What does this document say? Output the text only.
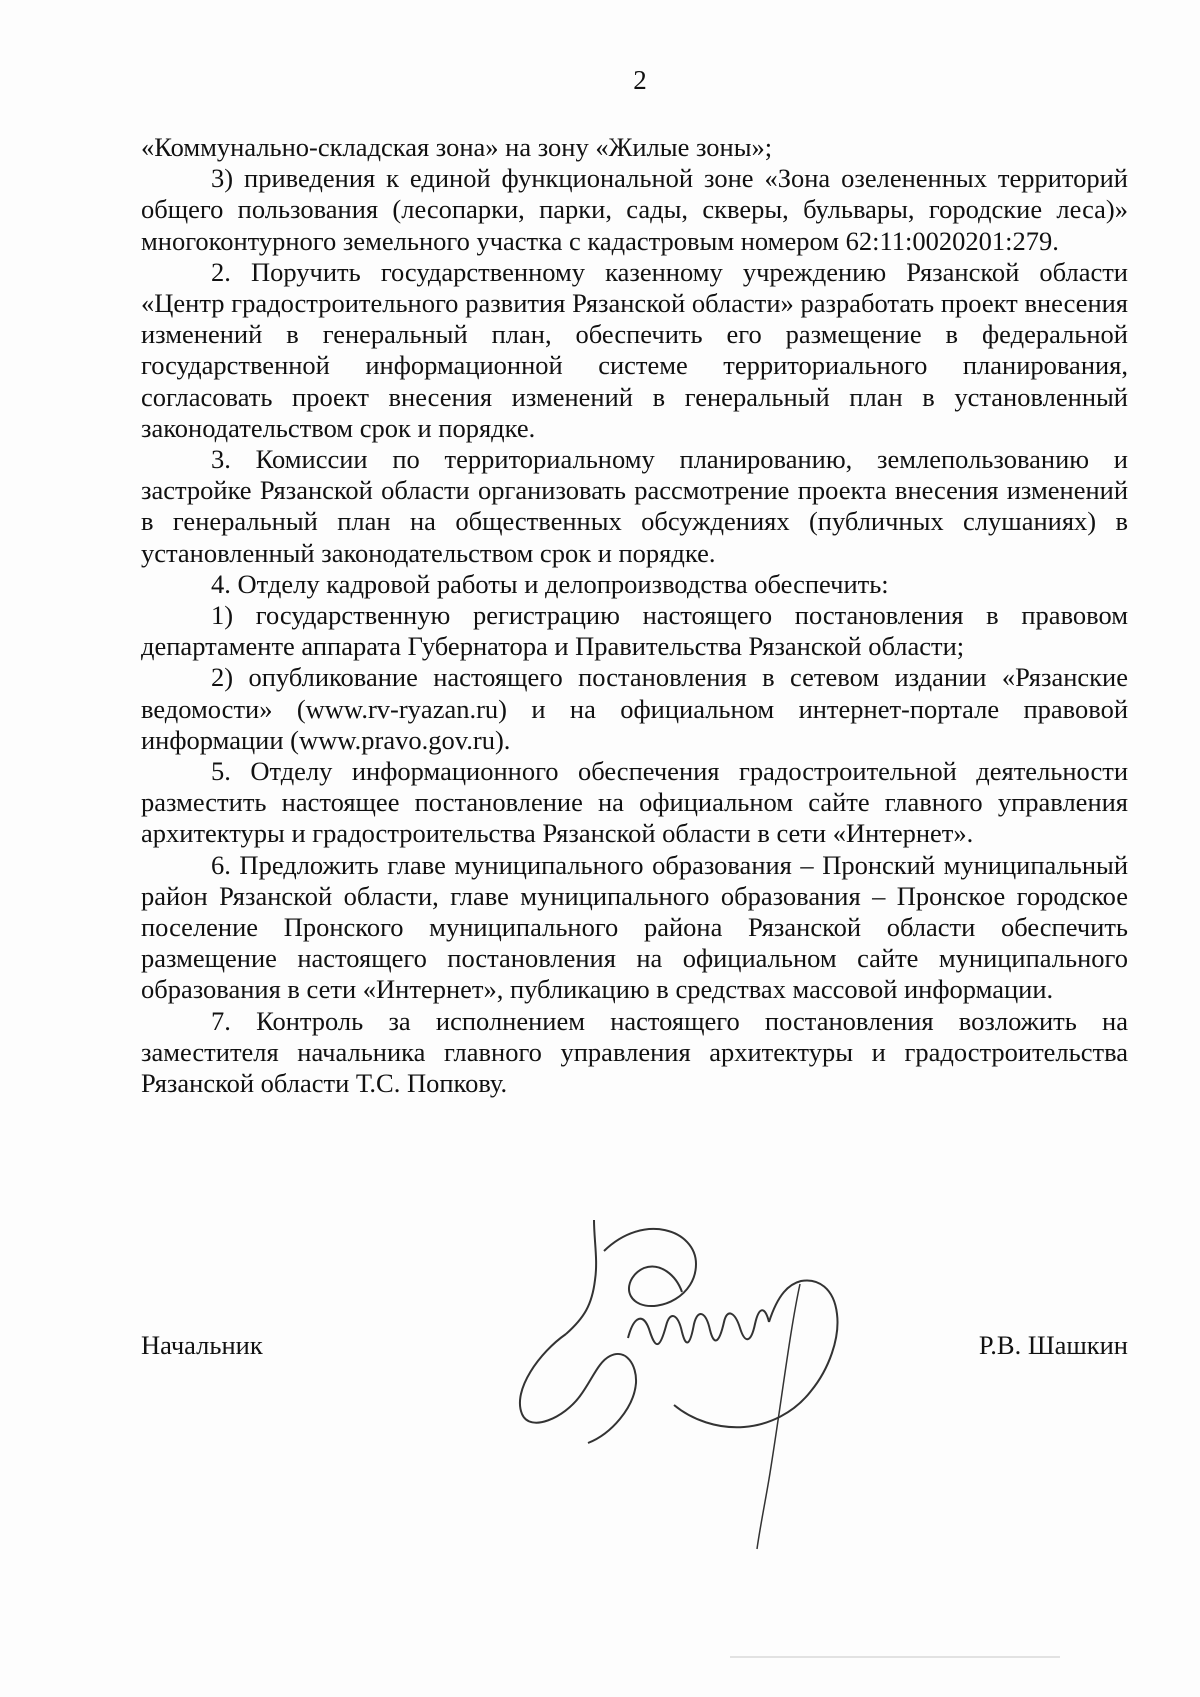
2

«Коммунально-складская зона» на зону «Жилые зоны»;

3) приведения к единой функциональной зоне «Зона озелененных территорий общего пользования (лесопарки, парки, сады, скверы, бульвары, городские леса)» многоконтурного земельного участка с кадастровым номером 62:11:0020201:279.

2. Поручить государственному казенному учреждению Рязанской области «Центр градостроительного развития Рязанской области» разработать проект внесения изменений в генеральный план, обеспечить его размещение в федеральной государственной информационной системе территориального планирования, согласовать проект внесения изменений в генеральный план в установленный законодательством срок и порядке.

3. Комиссии по территориальному планированию, землепользованию и застройке Рязанской области организовать рассмотрение проекта внесения изменений в генеральный план на общественных обсуждениях (публичных слушаниях) в установленный законодательством срок и порядке.

4. Отделу кадровой работы и делопроизводства обеспечить:

1) государственную регистрацию настоящего постановления в правовом департаменте аппарата Губернатора и Правительства Рязанской области;

2) опубликование настоящего постановления в сетевом издании «Рязанские ведомости» (www.rv-ryazan.ru) и на официальном интернет-портале правовой информации (www.pravo.gov.ru).

5. Отделу информационного обеспечения градостроительной деятельности разместить настоящее постановление на официальном сайте главного управления архитектуры и градостроительства Рязанской области в сети «Интернет».

6. Предложить главе муниципального образования – Пронский муниципальный район Рязанской области, главе муниципального образования – Пронское городское поселение Пронского муниципального района Рязанской области обеспечить размещение настоящего постановления на официальном сайте муниципального образования в сети «Интернет», публикацию в средствах массовой информации.

7. Контроль за исполнением настоящего постановления возложить на заместителя начальника главного управления архитектуры и градостроительства Рязанской области Т.С. Попкову.

Начальник	Р.В. Шашкин
